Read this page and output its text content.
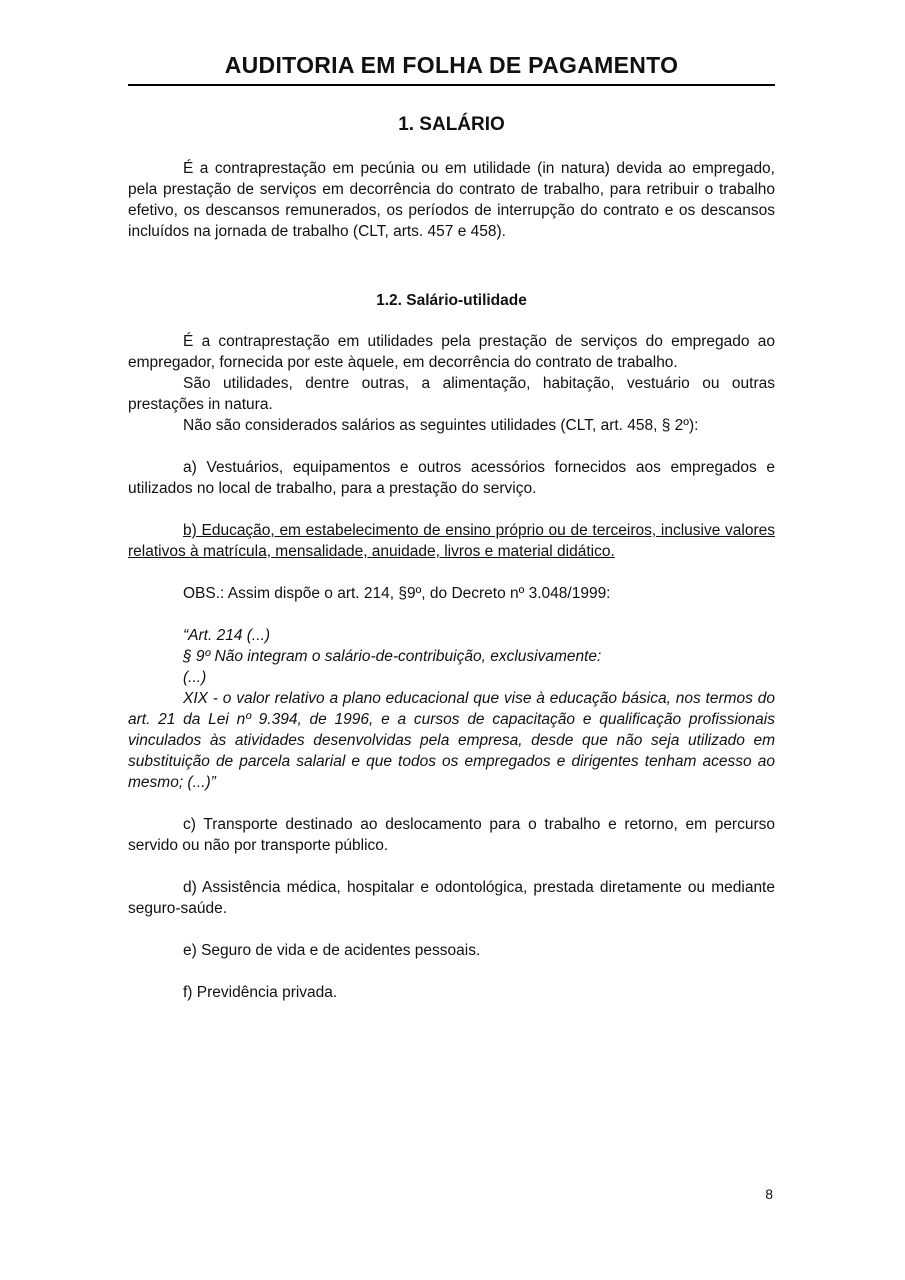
AUDITORIA EM FOLHA DE PAGAMENTO
1. SALÁRIO

É a contraprestação em pecúnia ou em utilidade (in natura) devida ao empregado, pela prestação de serviços em decorrência do contrato de trabalho, para retribuir o trabalho efetivo, os descansos remunerados, os períodos de interrupção do contrato e os descansos incluídos na jornada de trabalho (CLT, arts. 457 e 458).

1.2. Salário-utilidade

É a contraprestação em utilidades pela prestação de serviços do empregado ao empregador, fornecida por este àquele, em decorrência do contrato de trabalho.

São utilidades, dentre outras, a alimentação, habitação, vestuário ou outras prestações in natura.

Não são considerados salários as seguintes utilidades (CLT, art. 458, § 2º):

a) Vestuários, equipamentos e outros acessórios fornecidos aos empregados e utilizados no local de trabalho, para a prestação do serviço.

b) Educação, em estabelecimento de ensino próprio ou de terceiros, inclusive valores relativos à matrícula, mensalidade, anuidade, livros e material didático.

OBS.: Assim dispõe o art. 214, §9º, do Decreto nº 3.048/1999:

“Art. 214 (...)

§ 9º Não integram o salário-de-contribuição, exclusivamente:

(...)

XIX - o valor relativo a plano educacional que vise à educação básica, nos termos do art. 21 da Lei nº 9.394, de 1996, e a cursos de capacitação e qualificação profissionais vinculados às atividades desenvolvidas pela empresa, desde que não seja utilizado em substituição de parcela salarial e que todos os empregados e dirigentes tenham acesso ao mesmo; (...)”

c) Transporte destinado ao deslocamento para o trabalho e retorno, em percurso servido ou não por transporte público.

d) Assistência médica, hospitalar e odontológica, prestada diretamente ou mediante seguro-saúde.

e) Seguro de vida e de acidentes pessoais.

f) Previdência privada.

8
